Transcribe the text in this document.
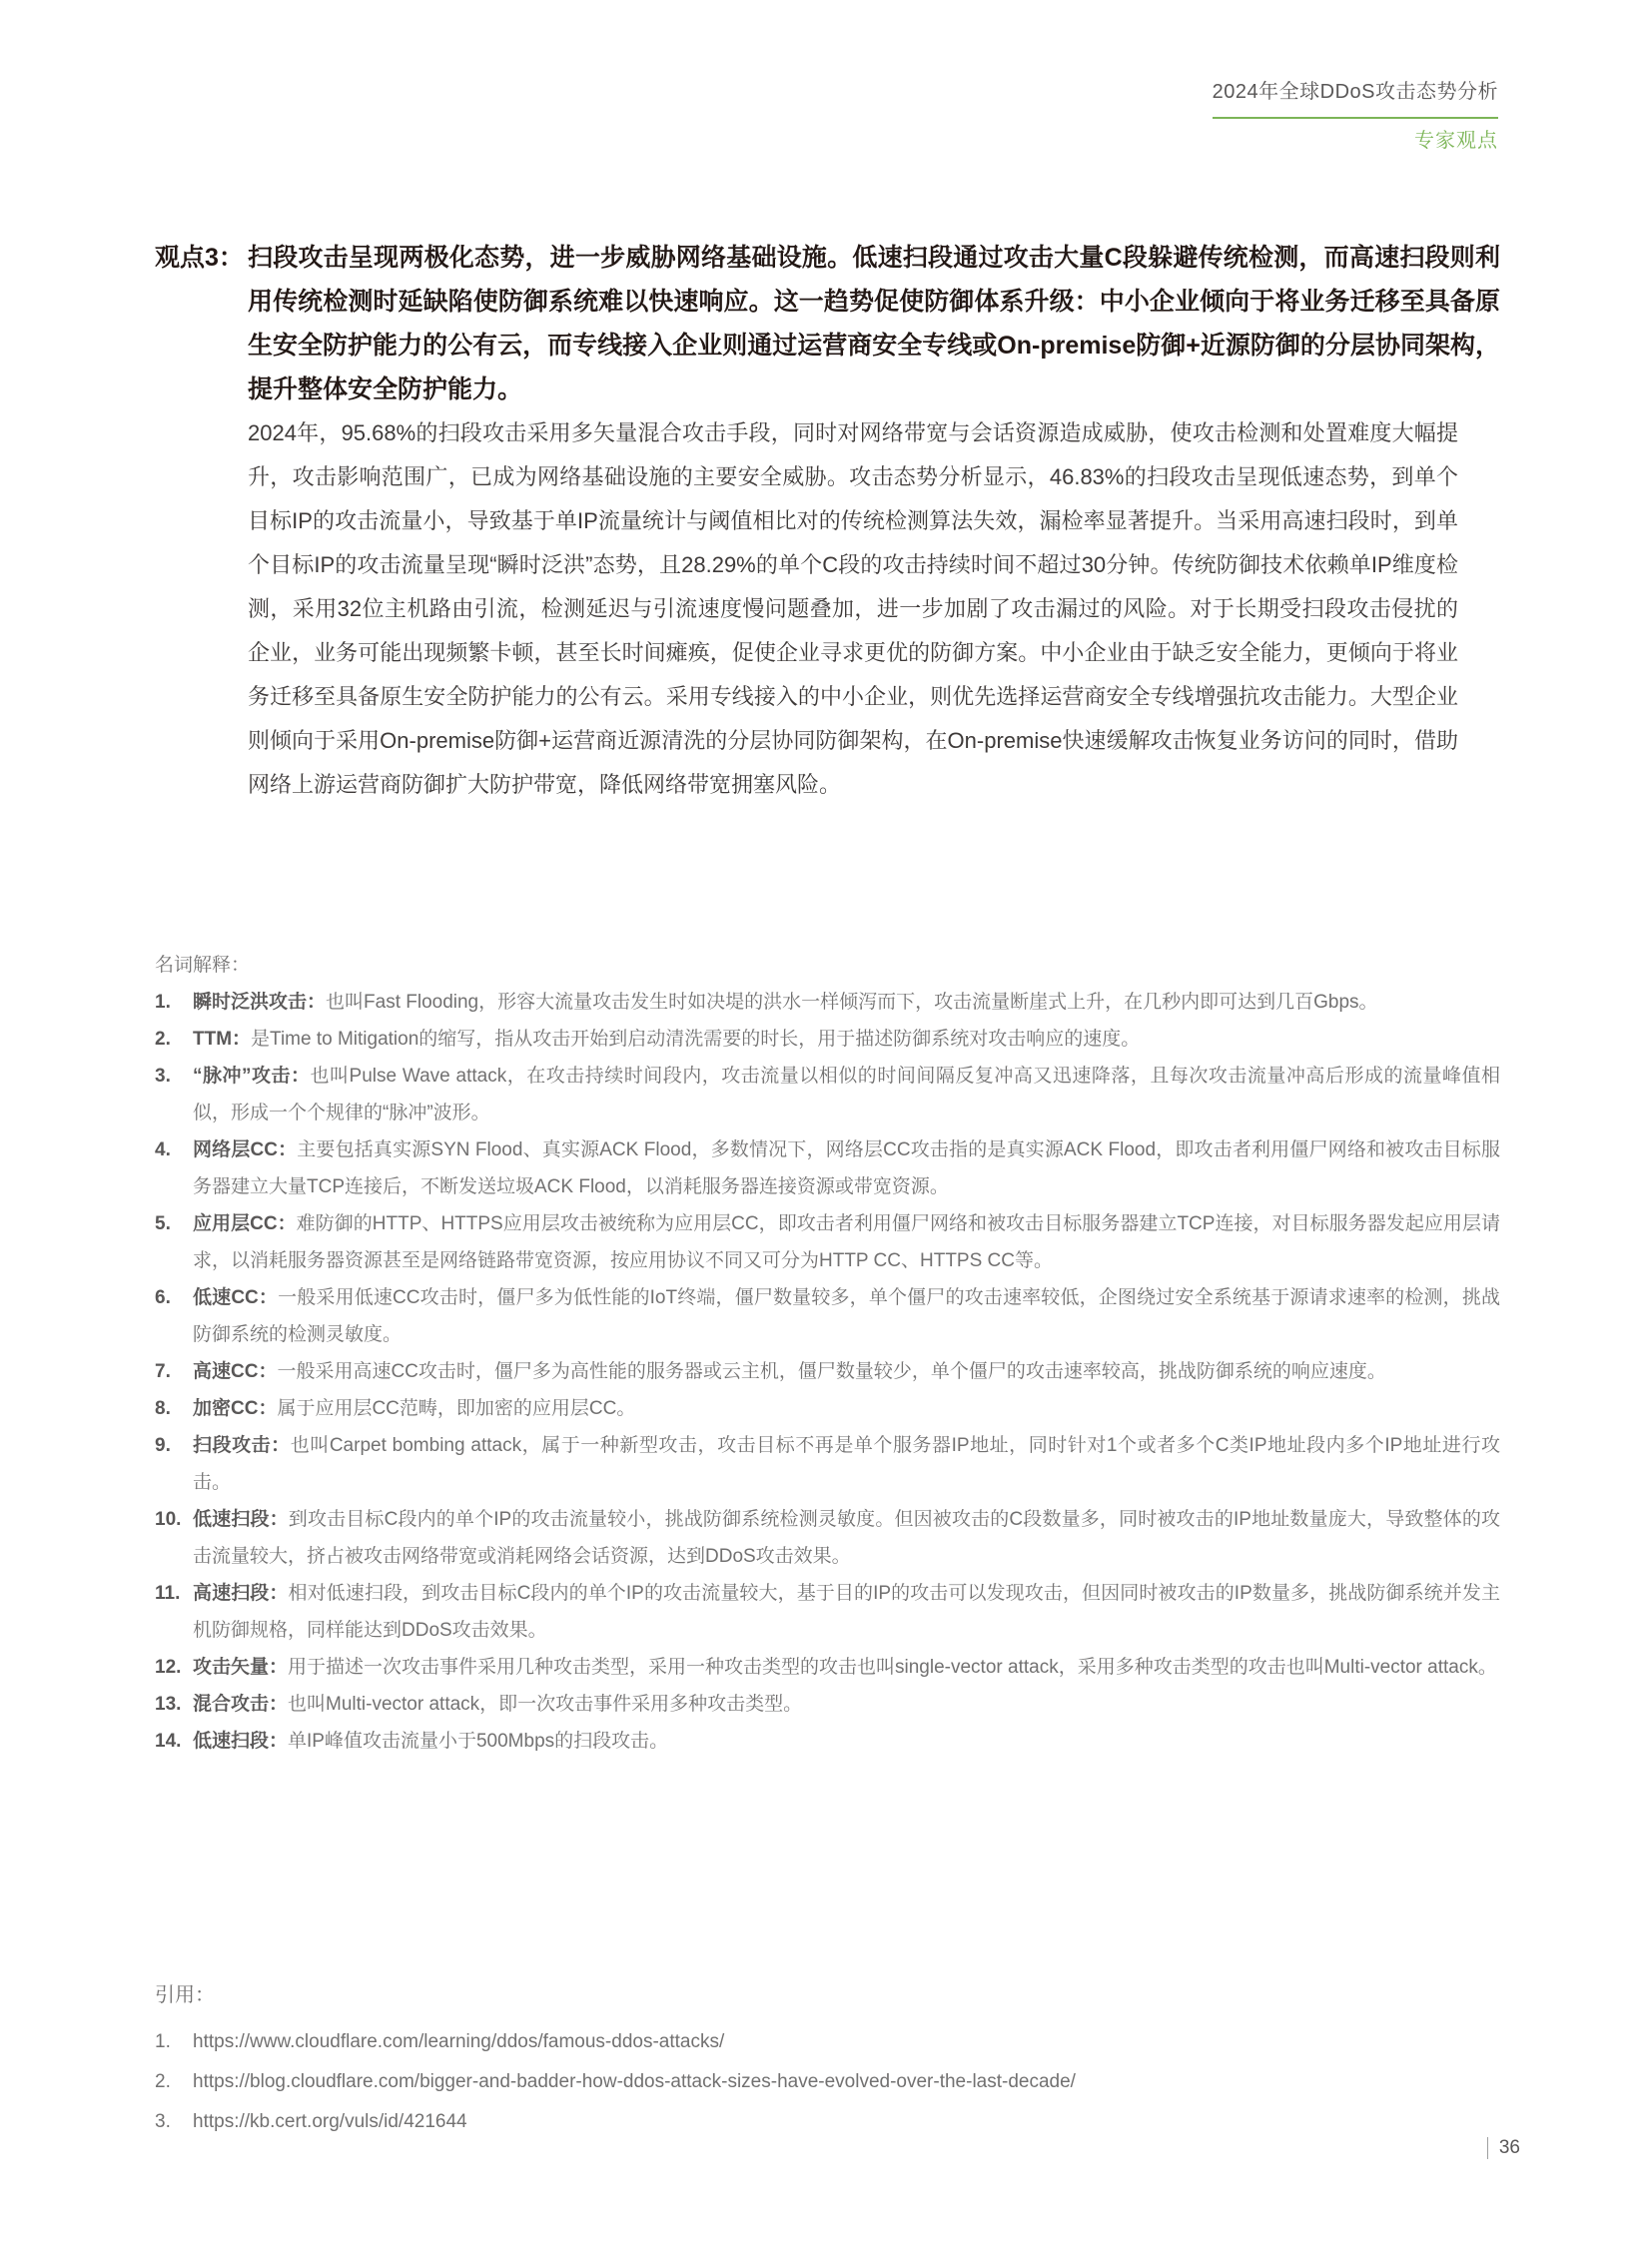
2024年全球DDoS攻击态势分析
专家观点
观点3： 扫段攻击呈现两极化态势，进一步威胁网络基础设施。低速扫段通过攻击大量C段躲避传统检测，而高速扫段则利用传统检测时延缺陷使防御系统难以快速响应。这一趋势促使防御体系升级：中小企业倾向于将业务迁移至具备原生安全防护能力的公有云，而专线接入企业则通过运营商安全专线或On-premise防御+近源防御的分层协同架构，提升整体安全防护能力。

2024年，95.68%的扫段攻击采用多矢量混合攻击手段，同时对网络带宽与会话资源造成威胁，使攻击检测和处置难度大幅提升，攻击影响范围广，已成为网络基础设施的主要安全威胁。攻击态势分析显示，46.83%的扫段攻击呈现低速态势，到单个目标IP的攻击流量小，导致基于单IP流量统计与阈值相比对的传统检测算法失效，漏检率显著提升。当采用高速扫段时，到单个目标IP的攻击流量呈现“瞬时泛洪”态势，且28.29%的单个C段的攻击持续时间不超过30分钟。传统防御技术依赖单IP维度检测，采用32位主机路由引流，检测延迟与引流速度慢问题叠加，进一步加剧了攻击漏过的风险。对于长期受扫段攻击侵扰的企业，业务可能出现频繁卡顿，甚至长时间瘫痪，促使企业寻求更优的防御方案。中小企业由于缺乏安全能力，更倾向于将业务迁移至具备原生安全防护能力的公有云。采用专线接入的中小企业，则优先选择运营商安全专线增强抗攻击能力。大型企业则倾向于采用On-premise防御+运营商近源清洗的分层协同防御架构，在On-premise快速缓解攻击恢复业务访问的同时，借助网络上游运营商防御扩大防护带宽，降低网络带宽拥塞风险。

名词解释：
1.	瞬时泛洪攻击：也叫Fast Flooding，形容大流量攻击发生时如决堤的洪水一样倾泻而下，攻击流量断崖式上升，在几秒内即可达到几百Gbps。
2.	TTM：是Time to Mitigation的缩写，指从攻击开始到启动清洗需要的时长，用于描述防御系统对攻击响应的速度。
3.	“脉冲”攻击：也叫Pulse Wave attack，在攻击持续时间段内，攻击流量以相似的时间间隔反复冲高又迅速降落，且每次攻击流量冲高后形成的流量峰值相似，形成一个个规律的“脉冲”波形。
4.	网络层CC：主要包括真实源SYN Flood、真实源ACK Flood，多数情况下，网络层CC攻击指的是真实源ACK Flood，即攻击者利用僵尸网络和被攻击目标服务器建立大量TCP连接后，不断发送垃圾ACK Flood，以消耗服务器连接资源或带宽资源。
5.	应用层CC：难防御的HTTP、HTTPS应用层攻击被统称为应用层CC，即攻击者利用僵尸网络和被攻击目标服务器建立TCP连接，对目标服务器发起应用层请求，以消耗服务器资源甚至是网络链路带宽资源，按应用协议不同又可分为HTTP CC、HTTPS CC等。
6.	低速CC：一般采用低速CC攻击时，僵尸多为低性能的IoT终端，僵尸数量较多，单个僵尸的攻击速率较低，企图绕过安全系统基于源请求速率的检测，挑战防御系统的检测灵敏度。
7.	高速CC：一般采用高速CC攻击时，僵尸多为高性能的服务器或云主机，僵尸数量较少，单个僵尸的攻击速率较高，挑战防御系统的响应速度。
8.	加密CC：属于应用层CC范畴，即加密的应用层CC。
9.	扫段攻击：也叫Carpet bombing attack，属于一种新型攻击，攻击目标不再是单个服务器IP地址，同时针对1个或者多个C类IP地址段内多个IP地址进行攻击。
10. 低速扫段：到攻击目标C段内的单个IP的攻击流量较小，挑战防御系统检测灵敏度。但因被攻击的C段数量多，同时被攻击的IP地址数量庞大，导致整体的攻击流量较大，挤占被攻击网络带宽或消耗网络会话资源，达到DDoS攻击效果。
11. 高速扫段：相对低速扫段，到攻击目标C段内的单个IP的攻击流量较大，基于目的IP的攻击可以发现攻击，但因同时被攻击的IP数量多，挑战防御系统并发主机防御规格，同样能达到DDoS攻击效果。
12. 攻击矢量：用于描述一次攻击事件采用几种攻击类型，采用一种攻击类型的攻击也叫single-vector attack，采用多种攻击类型的攻击也叫Multi-vector attack。
13. 混合攻击：也叫Multi-vector attack，即一次攻击事件采用多种攻击类型。
14. 低速扫段：单IP峰值攻击流量小于500Mbps的扫段攻击。
引用：
1.	https://www.cloudflare.com/learning/ddos/famous-ddos-attacks/
2.	https://blog.cloudflare.com/bigger-and-badder-how-ddos-attack-sizes-have-evolved-over-the-last-decade/
3.	https://kb.cert.org/vuls/id/421644
36
